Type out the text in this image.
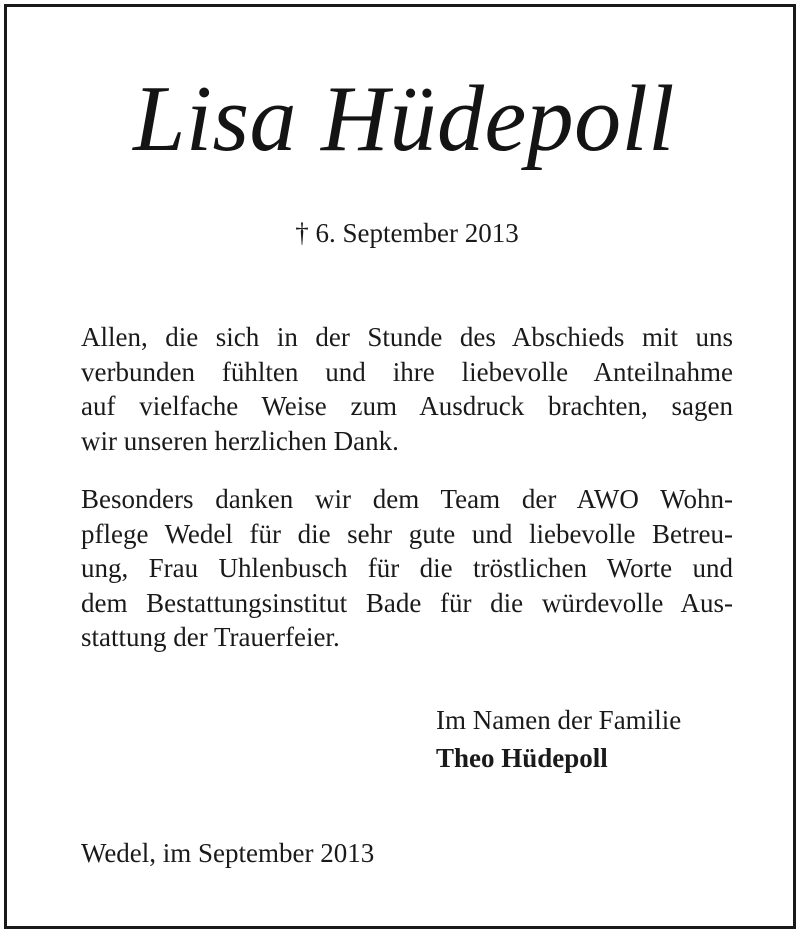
Lisa Hüdepoll
† 6. September 2013

Allen, die sich in der Stunde des Abschieds mit uns
verbunden fühlten und ihre liebevolle Anteilnahme
auf vielfache Weise zum Ausdruck brachten, sagen
wir unseren herzlichen Dank.

Besonders danken wir dem Team der AWO Wohn-
pflege Wedel für die sehr gute und liebevolle Betreu-
ung, Frau Uhlenbusch für die tröstlichen Worte und
dem Bestattungsinstitut Bade für die würdevolle Aus-
stattung der Trauerfeier.

Im Namen der Familie
Theo Hüdepoll
Wedel, im September 2013
